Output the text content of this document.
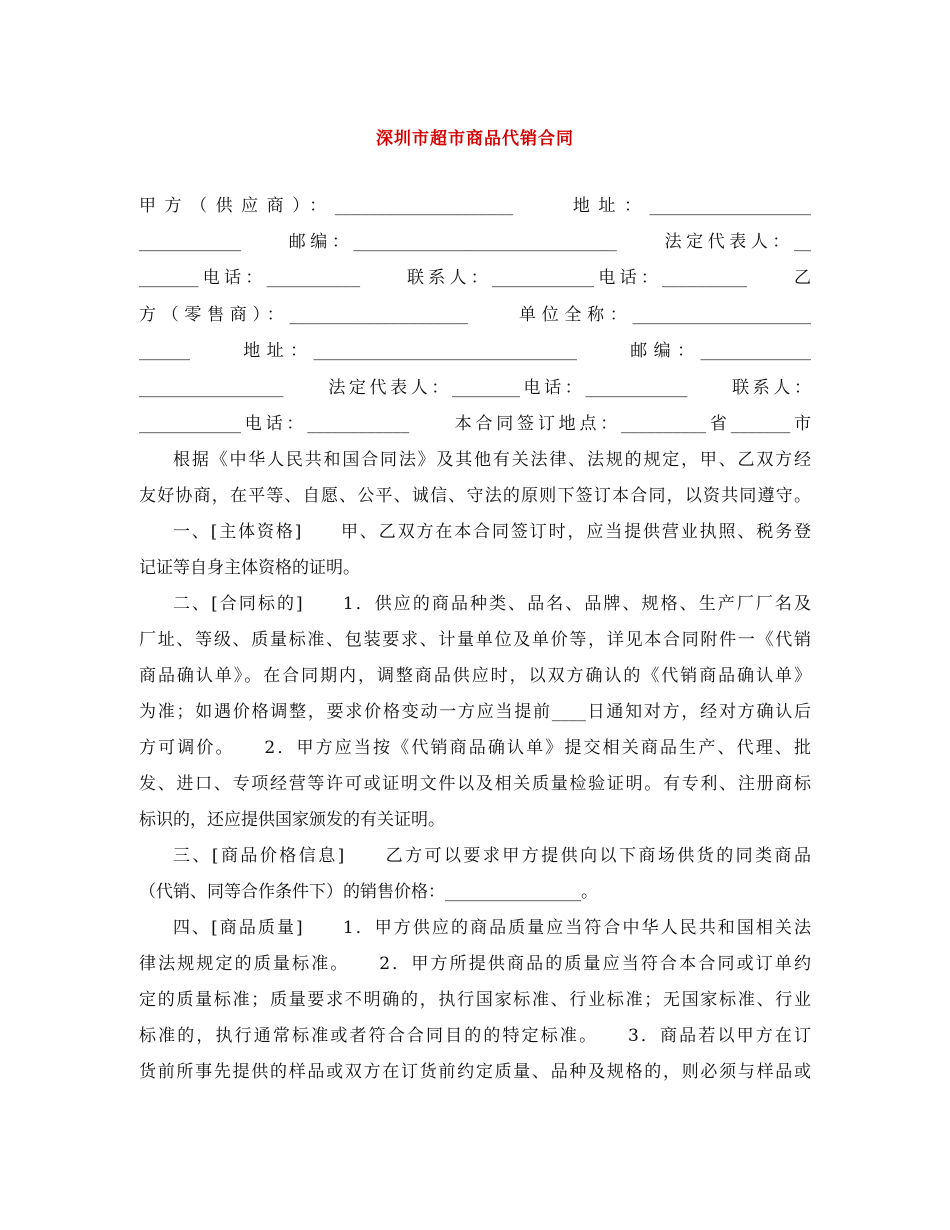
深圳市超市商品代销合同
甲方（供应商）：_____________________　　地址：___________________
____________　　邮编：_______________________________　　法定代表人：__
_______电话：___________　　联系人：____________电话：__________　　乙
方（零售商）：_____________________　　单位全称：_____________________
______　　地址：_______________________________　　邮编：_____________
_________________　　法定代表人：________电话：____________　　联系人：
____________电话：____________　　本合同签订地点：__________省_______市
根据《中华人民共和国合同法》及其他有关法律、法规的规定，甲、乙双方经
友好协商，在平等、自愿、公平、诚信、守法的原则下签订本合同，以资共同遵守。
一、[主体资格]　　甲、乙双方在本合同签订时，应当提供营业执照、税务登
记证等自身主体资格的证明。
二、[合同标的]　　1．供应的商品种类、品名、品牌、规格、生产厂厂名及
厂址、等级、质量标准、包装要求、计量单位及单价等，详见本合同附件一《代销
商品确认单》。在合同期内，调整商品供应时，以双方确认的《代销商品确认单》
为准；如遇价格调整，要求价格变动一方应当提前____日通知对方，经对方确认后
方可调价。　　2．甲方应当按《代销商品确认单》提交相关商品生产、代理、批
发、进口、专项经营等许可或证明文件以及相关质量检验证明。有专利、注册商标
标识的，还应提供国家颁发的有关证明。
三、[商品价格信息]　　乙方可以要求甲方提供向以下商场供货的同类商品
（代销、同等合作条件下）的销售价格：________________。
四、[商品质量]　　1．甲方供应的商品质量应当符合中华人民共和国相关法
律法规规定的质量标准。　　2．甲方所提供商品的质量应当符合本合同或订单约
定的质量标准；质量要求不明确的，执行国家标准、行业标准；无国家标准、行业
标准的，执行通常标准或者符合合同目的的特定标准。　　3．商品若以甲方在订
货前所事先提供的样品或双方在订货前约定质量、品种及规格的，则必须与样品或
